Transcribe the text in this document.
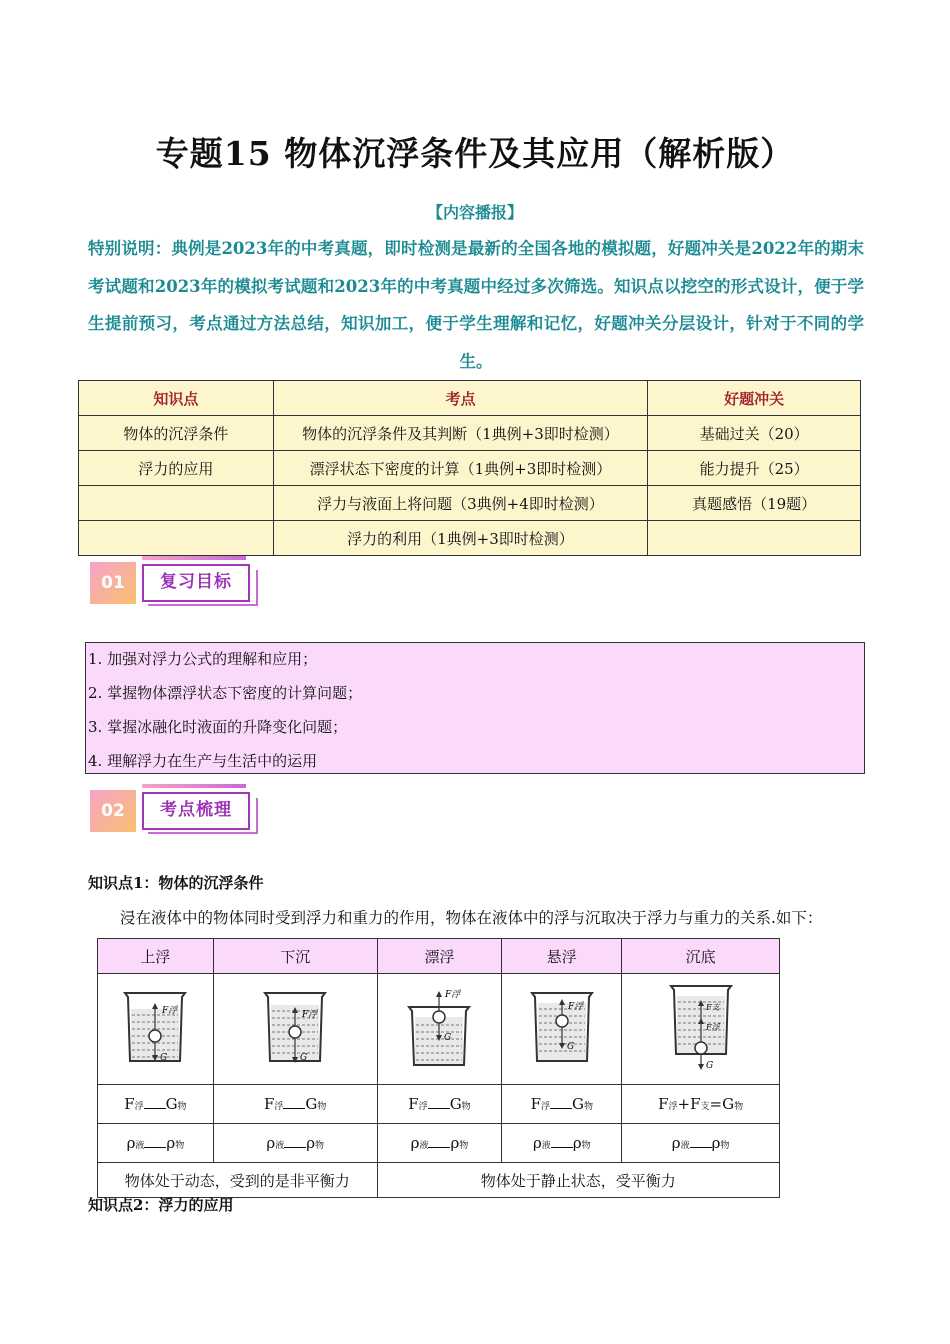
专题15 物体沉浮条件及其应用（解析版）
【内容播报】
特别说明：典例是2023年的中考真题，即时检测是最新的全国各地的模拟题，好题冲关是2022年的期末考试题和2023年的模拟考试题和2023年的中考真题中经过多次筛选。知识点以挖空的形式设计，便于学生提前预习，考点通过方法总结，知识加工，便于学生理解和记忆，好题冲关分层设计，针对于不同的学生。
知识点	考点	好题冲关
物体的沉浮条件	物体的沉浮条件及其判断（1典例+3即时检测）	基础过关（20）
浮力的应用	漂浮状态下密度的计算（1典例+3即时检测）	能力提升（25）
	浮力与液面上将问题（3典例+4即时检测）	真题感悟（19题）
	浮力的利用（1典例+3即时检测）	
01	复习目标
1. 加强对浮力公式的理解和应用；
2. 掌握物体漂浮状态下密度的计算问题；
3. 掌握冰融化时液面的升降变化问题；
4. 理解浮力在生产与生活中的运用
02	考点梳理
知识点1：物体的沉浮条件
浸在液体中的物体同时受到浮力和重力的作用，物体在液体中的浮与沉取决于浮力与重力的关系.如下：
上浮	下沉	漂浮	悬浮	沉底

F浮
G	F浮
G	F浮
G	F浮
G	F支
F浮
G

F浮 G物	F浮 G物	F浮 G物	F浮 G物	F浮+F支=G物
ρ液 ρ物	ρ液 ρ物	ρ液 ρ物	ρ液 ρ物	ρ液 ρ物
物体处于动态，受到的是非平衡力		物体处于静止状态，受平衡力		
知识点2：浮力的应用
